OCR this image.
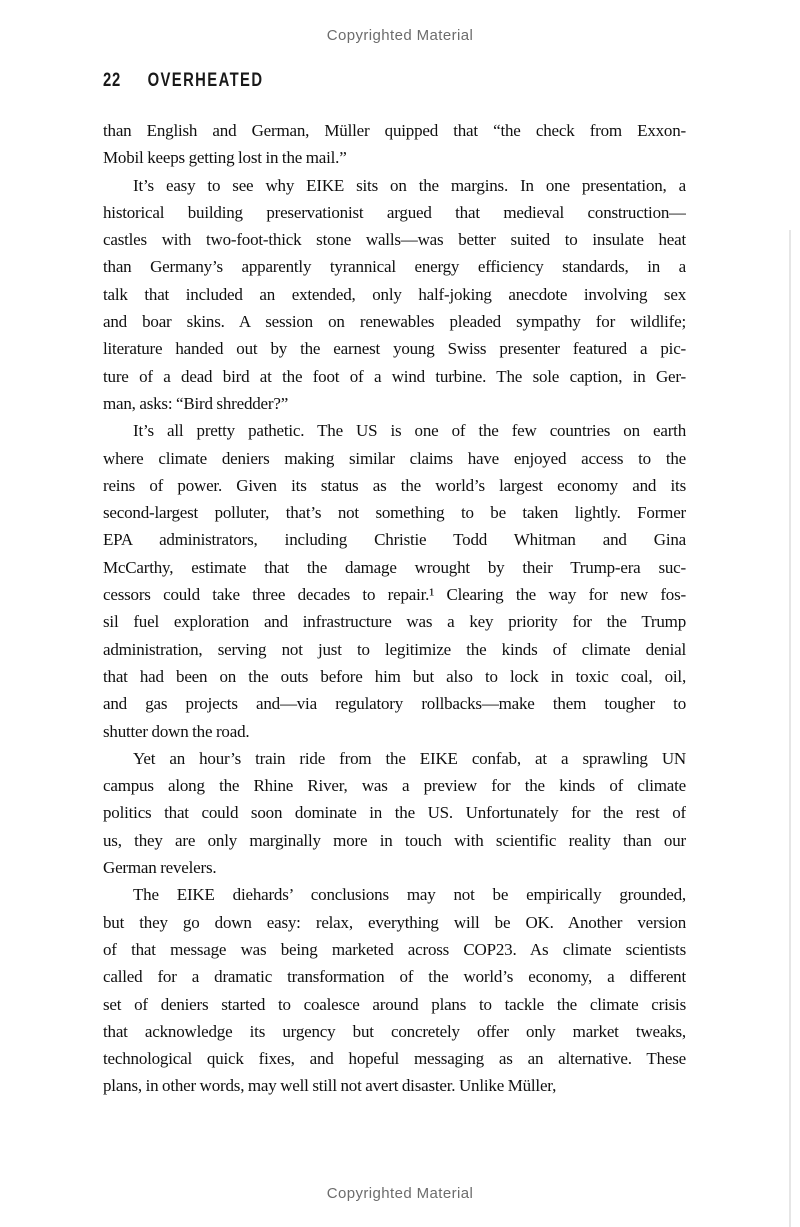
Copyrighted Material
22 OVERHEATED
than English and German, Müller quipped that “the check from Exxon-
Mobil keeps getting lost in the mail.”
It’s easy to see why EIKE sits on the margins. In one presentation, a
historical building preservationist argued that medieval construction—
castles with two-foot-thick stone walls—was better suited to insulate heat
than Germany’s apparently tyrannical energy efficiency standards, in a
talk that included an extended, only half-joking anecdote involving sex
and boar skins. A session on renewables pleaded sympathy for wildlife;
literature handed out by the earnest young Swiss presenter featured a pic-
ture of a dead bird at the foot of a wind turbine. The sole caption, in Ger-
man, asks: “Bird shredder?”
It’s all pretty pathetic. The US is one of the few countries on earth
where climate deniers making similar claims have enjoyed access to the
reins of power. Given its status as the world’s largest economy and its
second-largest polluter, that’s not something to be taken lightly. Former
EPA administrators, including Christie Todd Whitman and Gina
McCarthy, estimate that the damage wrought by their Trump-era suc-
cessors could take three decades to repair.¹ Clearing the way for new fos-
sil fuel exploration and infrastructure was a key priority for the Trump
administration, serving not just to legitimize the kinds of climate denial
that had been on the outs before him but also to lock in toxic coal, oil,
and gas projects and—via regulatory rollbacks—make them tougher to
shutter down the road.
Yet an hour’s train ride from the EIKE confab, at a sprawling UN
campus along the Rhine River, was a preview for the kinds of climate
politics that could soon dominate in the US. Unfortunately for the rest of
us, they are only marginally more in touch with scientific reality than our
German revelers.
The EIKE diehards’ conclusions may not be empirically grounded,
but they go down easy: relax, everything will be OK. Another version
of that message was being marketed across COP23. As climate scientists
called for a dramatic transformation of the world’s economy, a different
set of deniers started to coalesce around plans to tackle the climate crisis
that acknowledge its urgency but concretely offer only market tweaks,
technological quick fixes, and hopeful messaging as an alternative. These
plans, in other words, may well still not avert disaster. Unlike Müller,
Copyrighted Material
